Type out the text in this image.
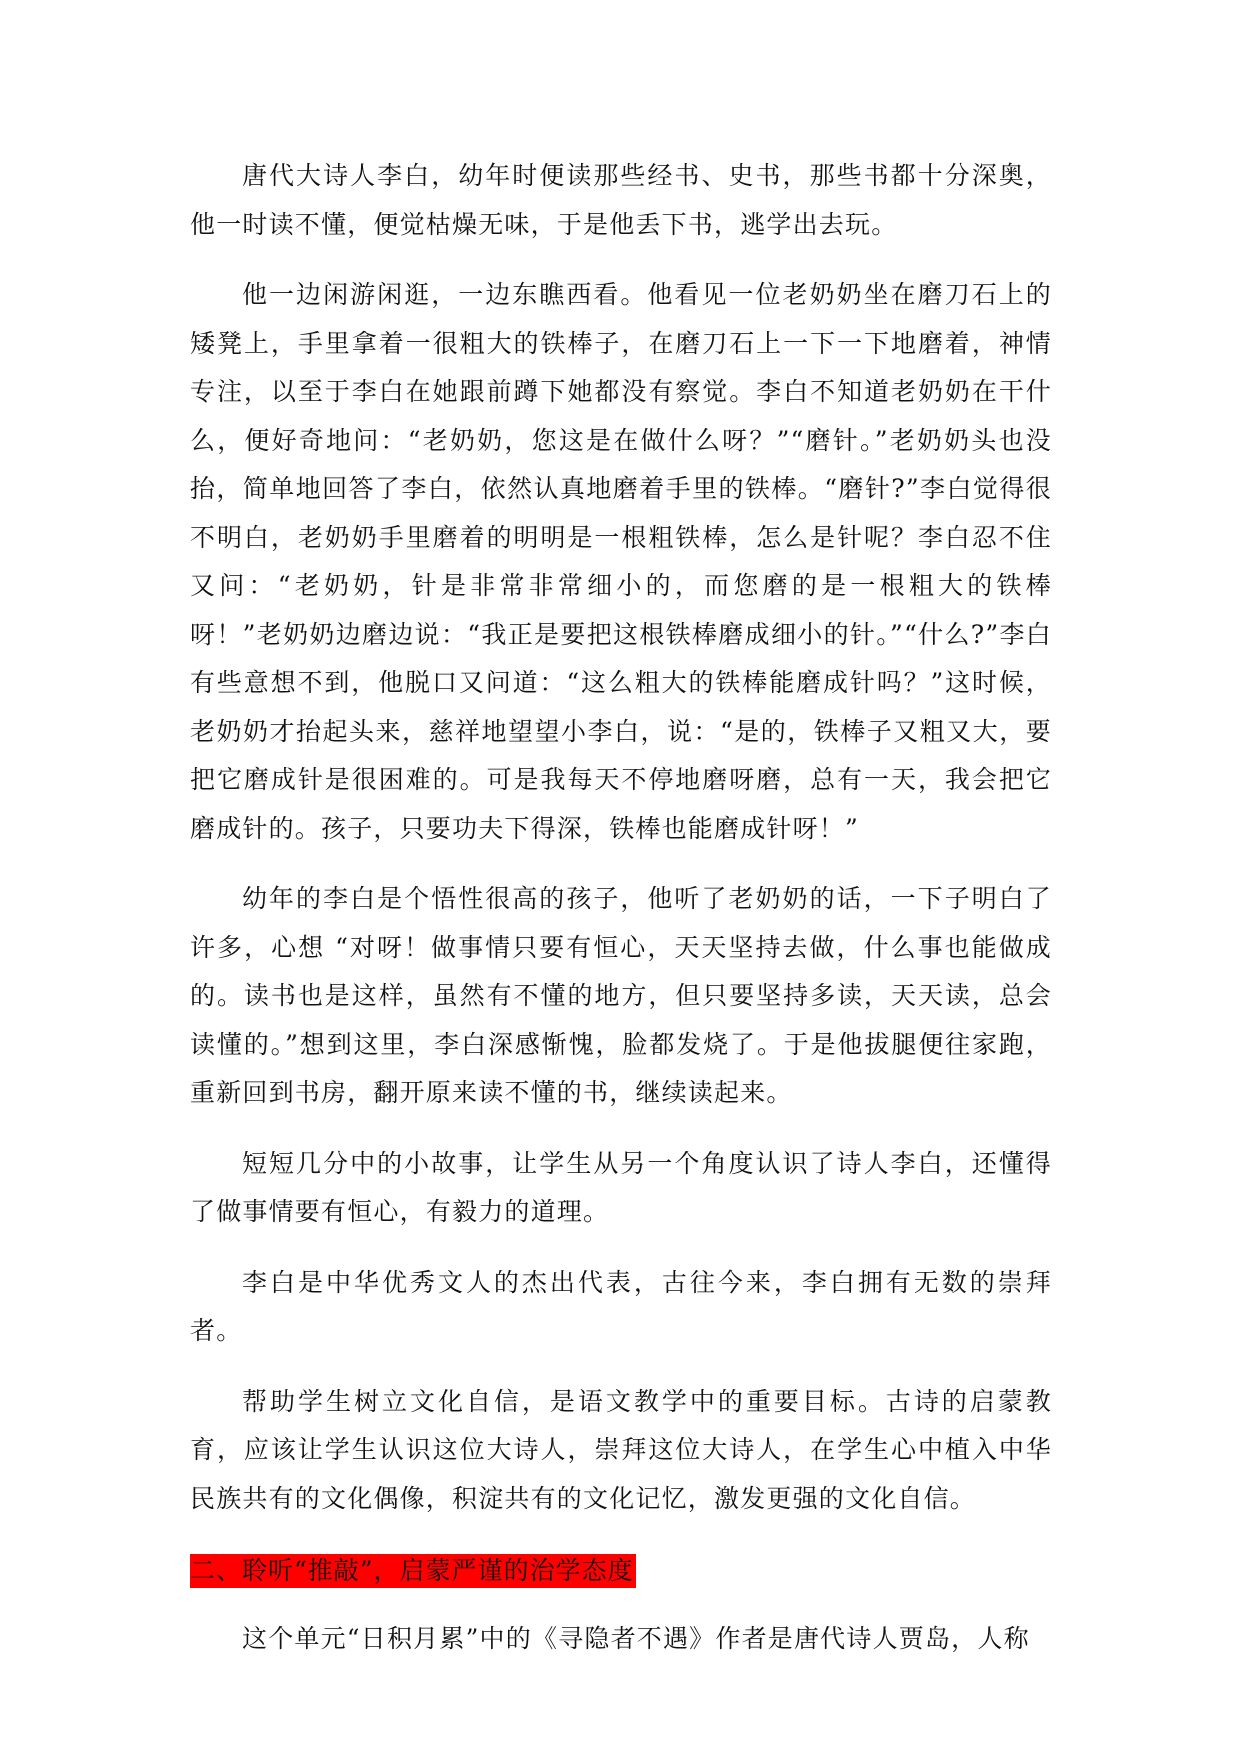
唐代大诗人李白，幼年时便读那些经书、史书，那些书都十分深奥，他一时读不懂，便觉枯燥无味，于是他丢下书，逃学出去玩。

他一边闲游闲逛，一边东瞧西看。他看见一位老奶奶坐在磨刀石上的矮凳上，手里拿着一很粗大的铁棒子，在磨刀石上一下一下地磨着，神情专注，以至于李白在她跟前蹲下她都没有察觉。李白不知道老奶奶在干什么，便好奇地问：“老奶奶，您这是在做什么呀？”“磨针。”老奶奶头也没抬，简单地回答了李白，依然认真地磨着手里的铁棒。“磨针?”李白觉得很不明白，老奶奶手里磨着的明明是一根粗铁棒，怎么是针呢？李白忍不住又问：“老奶奶，针是非常非常细小的，而您磨的是一根粗大的铁棒呀！”老奶奶边磨边说：“我正是要把这根铁棒磨成细小的针。”“什么?”李白有些意想不到，他脱口又问道：“这么粗大的铁棒能磨成针吗？”这时候，老奶奶才抬起头来，慈祥地望望小李白，说：“是的，铁棒子又粗又大，要把它磨成针是很困难的。可是我每天不停地磨呀磨，总有一天，我会把它磨成针的。孩子，只要功夫下得深，铁棒也能磨成针呀！”

幼年的李白是个悟性很高的孩子，他听了老奶奶的话，一下子明白了许多，心想 “对呀！做事情只要有恒心，天天坚持去做，什么事也能做成的。读书也是这样，虽然有不懂的地方，但只要坚持多读，天天读，总会读懂的。”想到这里，李白深感惭愧，脸都发烧了。于是他拔腿便往家跑，重新回到书房，翻开原来读不懂的书，继续读起来。

短短几分中的小故事，让学生从另一个角度认识了诗人李白，还懂得了做事情要有恒心，有毅力的道理。

李白是中华优秀文人的杰出代表，古往今来，李白拥有无数的崇拜者。

帮助学生树立文化自信，是语文教学中的重要目标。古诗的启蒙教育，应该让学生认识这位大诗人，崇拜这位大诗人，在学生心中植入中华民族共有的文化偶像，积淀共有的文化记忆，激发更强的文化自信。

二、聆听“推敲”，启蒙严谨的治学态度

这个单元“日积月累”中的《寻隐者不遇》作者是唐代诗人贾岛，人称
